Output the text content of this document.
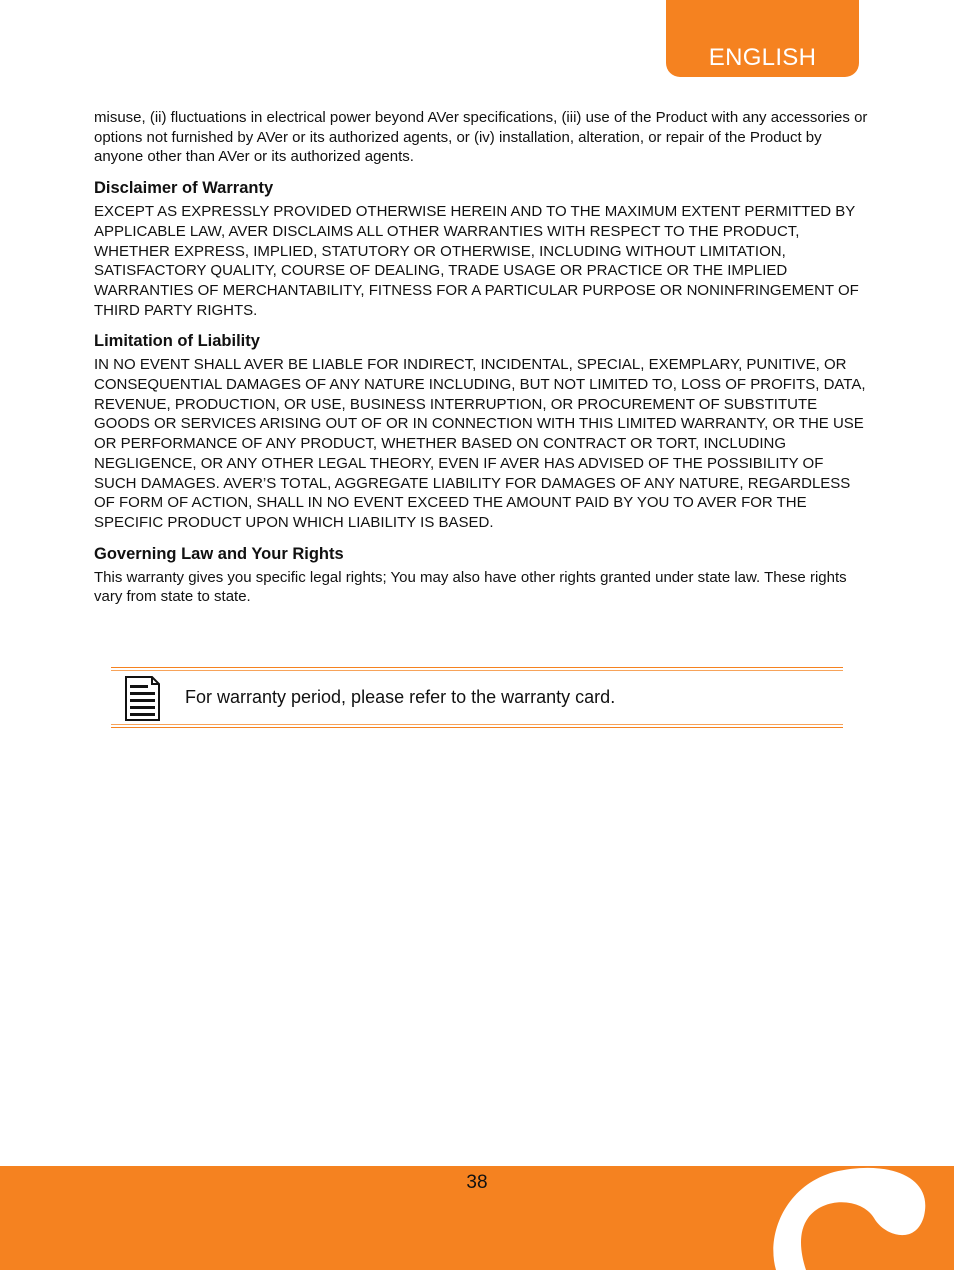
ENGLISH

misuse, (ii) fluctuations in electrical power beyond AVer specifications, (iii) use of the Product with any accessories or options not furnished by AVer or its authorized agents, or (iv) installation, alteration, or repair of the Product by anyone other than AVer or its authorized agents.

Disclaimer of Warranty

EXCEPT AS EXPRESSLY PROVIDED OTHERWISE HEREIN AND TO THE MAXIMUM EXTENT PERMITTED BY APPLICABLE LAW, AVER DISCLAIMS ALL OTHER WARRANTIES WITH RESPECT TO THE PRODUCT, WHETHER EXPRESS, IMPLIED, STATUTORY OR OTHERWISE, INCLUDING WITHOUT LIMITATION, SATISFACTORY QUALITY, COURSE OF DEALING, TRADE USAGE OR PRACTICE OR THE IMPLIED WARRANTIES OF MERCHANTABILITY, FITNESS FOR A PARTICULAR PURPOSE OR NONINFRINGEMENT OF THIRD PARTY RIGHTS.

Limitation of Liability

IN NO EVENT SHALL AVER BE LIABLE FOR INDIRECT, INCIDENTAL, SPECIAL, EXEMPLARY, PUNITIVE, OR CONSEQUENTIAL DAMAGES OF ANY NATURE INCLUDING, BUT NOT LIMITED TO, LOSS OF PROFITS, DATA, REVENUE, PRODUCTION, OR USE, BUSINESS INTERRUPTION, OR PROCUREMENT OF SUBSTITUTE GOODS OR SERVICES ARISING OUT OF OR IN CONNECTION WITH THIS LIMITED WARRANTY, OR THE USE OR PERFORMANCE OF ANY PRODUCT, WHETHER BASED ON CONTRACT OR TORT, INCLUDING NEGLIGENCE, OR ANY OTHER LEGAL THEORY, EVEN IF AVER HAS ADVISED OF THE POSSIBILITY OF SUCH DAMAGES. AVER’S TOTAL, AGGREGATE LIABILITY FOR DAMAGES OF ANY NATURE, REGARDLESS OF FORM OF ACTION, SHALL IN NO EVENT EXCEED THE AMOUNT PAID BY YOU TO AVER FOR THE SPECIFIC PRODUCT UPON WHICH LIABILITY IS BASED.

Governing Law and Your Rights

This warranty gives you specific legal rights; You may also have other rights granted under state law. These rights vary from state to state.

For warranty period, please refer to the warranty card.
38
